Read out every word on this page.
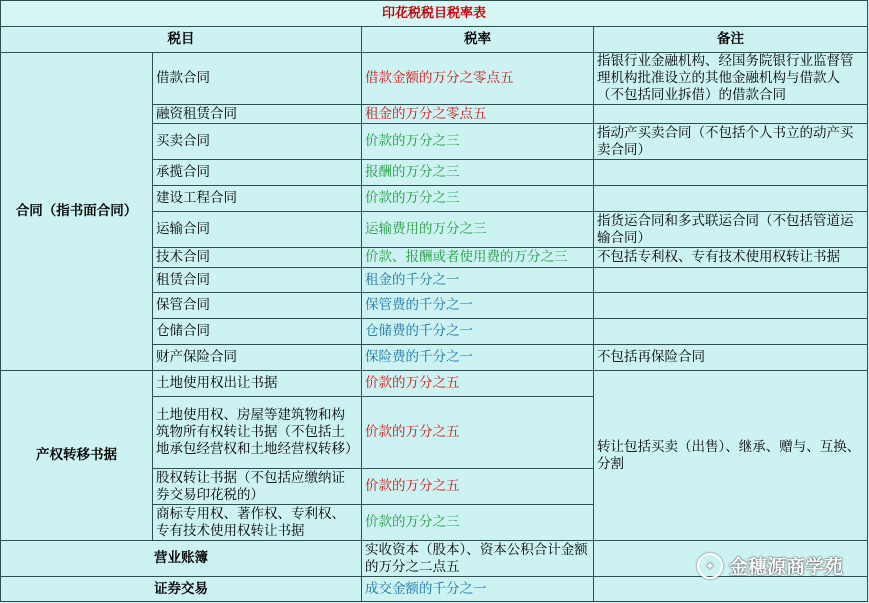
印花税税目税率表			
税目		税率	备注
合同（指书面合同）	借款合同	借款金额的万分之零点五	指银行业金融机构、经国务院银行业监督管理机构批准设立的其他金融机构与借款人（不包括同业拆借）的借款合同
	融资租赁合同	租金的万分之零点五	
	买卖合同	价款的万分之三	指动产买卖合同（不包括个人书立的动产买卖合同）
	承揽合同	报酬的万分之三	
	建设工程合同	价款的万分之三	
	运输合同	运输费用的万分之三	指货运合同和多式联运合同（不包括管道运输合同）
	技术合同	价款、报酬或者使用费的万分之三	不包括专利权、专有技术使用权转让书据
	租赁合同	租金的千分之一	
	保管合同	保管费的千分之一	
	仓储合同	仓储费的千分之一	
	财产保险合同	保险费的千分之一	不包括再保险合同
产权转移书据	土地使用权出让书据	价款的万分之五	转让包括买卖（出售）、继承、赠与、互换、分割
	土地使用权、房屋等建筑物和构筑物所有权转让书据（不包括土地承包经营权和土地经营权转移）	价款的万分之五	
	股权转让书据（不包括应缴纳证券交易印花税的）	价款的万分之五	
	商标专用权、著作权、专利权、专有技术使用权转让书据	价款的万分之三	
营业账簿		实收资本（股本）、资本公积合计金额的万分之二点五	
证券交易		成交金额的千分之一	
✦ 金穗源商学苑
